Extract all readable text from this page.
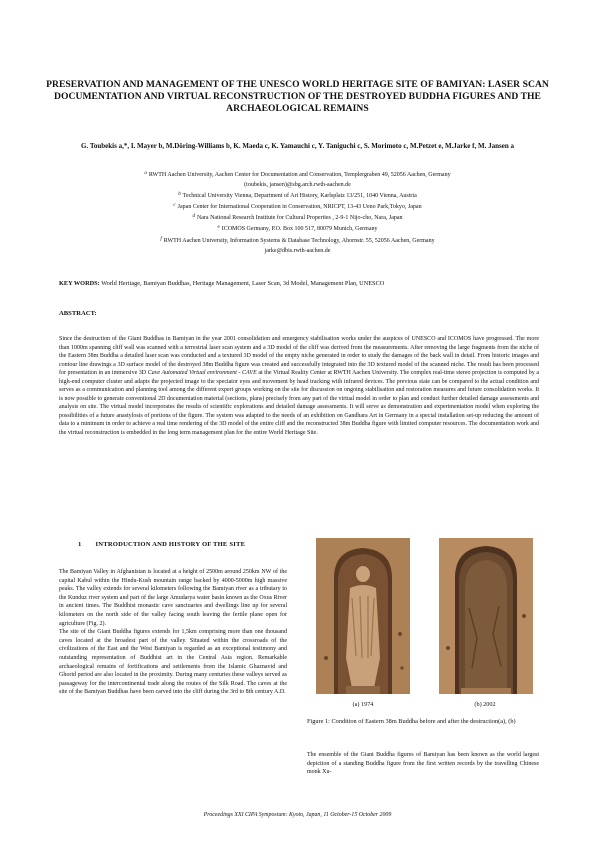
PRESERVATION AND MANAGEMENT OF THE UNESCO WORLD HERITAGE SITE OF BAMIYAN: LASER SCAN DOCUMENTATION AND VIRTUAL RECONSTRUCTION OF THE DESTROYED BUDDHA FIGURES AND THE ARCHAEOLOGICAL REMAINS
G. Toubekis a,*, I. Mayer b, M.Döring-Williams b, K. Maeda c, K. Yamauchi c, Y. Taniguchi c, S. Morimoto c, M.Petzet e, M.Jarke f, M. Jansen a
$^a$ RWTH Aachen University, Aachen Center for Documentation and Conservation, Templergraben 49, 52056 Aachen, Germany
(toubekis, jansen)@sbg.arch.rwth-aachen.de
$^b$ Technical University Vienna, Department of Art History, Karlsplatz 13/251, 1040 Vienna, Austria
$^c$ Japan Center for International Cooperation in Conservation, NRICPT, 13-43 Ueno Park,Tokyo, Japan
$^d$ Nara National Research Institute for Cultural Properties , 2-9-1 Nijo-cho, Nara, Japan
$^e$ ICOMOS Germany, P.O. Box 100 517, 80079 Munich, Germany
$^f$ RWTH Aachen University, Information Systems & Database Technology, Ahornstr. 55, 52056 Aachen, Germany
jarke@dbis.rwth-aachen.de
KEY WORDS: World Heritage, Bamiyan Buddhas, Heritage Management, Laser Scan, 3d Model, Management Plan, UNESCO
ABSTRACT:
Since the destruction of the Giant Buddhas in Bamiyan in the year 2001 consolidation and emergency stabilisation works under the auspices of UNESCO and ICOMOS have progressed. The more than 1000m spanning cliff wall was scanned with a terrestrial laser scan system and a 3D model of the cliff was derived from the measurements. After removing the large fragments from the niche of the Eastern 38m Buddha a detailed laser scan was conducted and a textured 3D model of the empty niche generated in order to study the damages of the back wall in detail. From historic images and contour line drawings a 3D surface model of the destroyed 38m Buddha figure was created and successfully integrated into the 3D textured model of the scanned niche. The result has been processed for presentation in an immersive 3D Cave Automated Virtual environment - CAVE at the Virtual Reality Center at RWTH Aachen University. The complex real-time stereo projection is computed by a high-end computer cluster and adapts the projected image to the spectator eyes and movement by head tracking with infrared devices. The previous state can be compared to the actual condition and serves as a communication and planning tool among the different expert groups working on the site for discussion on ongoing stabilisation and restoration measures and future consolidation works. It is now possible to generate conventional 2D documentation material (sections, plans) precisely from any part of the virtual model in order to plan and conduct further detailed damage assessments and analysis on site. The virtual model incorporates the results of scientific explorations and detailed damage assessments. It will serve as demonstration and experimentation model when exploring the possibilities of a future anastylosis of portions of the figure. The system was adapted to the needs of an exhibition on Gandhara Art in Germany in a special installation set-up reducing the amount of data to a minimum in order to achieve a real time rendering of the 3D model of the entire cliff and the reconstructed 38m Buddha figure with limited computer resources. The documentation work and the virtual reconstruction is embedded in the long term management plan for the entire World Heritage Site.
1 INTRODUCTION AND HISTORY OF THE SITE

The Bamiyan Valley in Afghanistan is located at a height of 2500m around 250km NW of the capital Kabul within the Hindu-Kush mountain range backed by 4000-5000m high massive peaks. The valley extends for several kilometers following the Bamiyan river as a tributary to the Kunduz river system and part of the large Amudarya water basin known as the Oxus River in ancient times. The Buddhist monastic cave sanctuaries and dwellings line up for several kilometers on the north side of the valley facing south leaving the fertile plane open for agriculture (Fig. 2).

The site of the Giant Buddha figures extends for 1,5km comprising more than one thousand caves located at the broadest part of the valley. Situated within the crossroads of the civilizations of the East and the West Bamiyan is regarded as an exceptional testimony and outstanding representation of Buddhist art in the Central Asia region. Remarkable archaeological remains of fortifications and settlements from the Islamic Ghaznavid and Ghorid period are also located in the proximity. During many centuries these valleys served as passageway for the intercontinental trade along the routes of the Silk Road. The caves at the site of the Bamiyan Buddhas have been carved into the cliff during the 3rd to 8th century A.D.

(a) 1974	(b) 2002
Figure 1: Condition of Eastern 38m Buddha before and after the destruction(a), (b)
The ensemble of the Giant Buddha figures of Bamiyan has been known as the world largest depiction of a standing Buddha figure from the first written records by the travelling Chinese monk Xu-
Proceedings XXI CIPA Symposium: Kyoto, Japan, 11 October-15 October 2009
